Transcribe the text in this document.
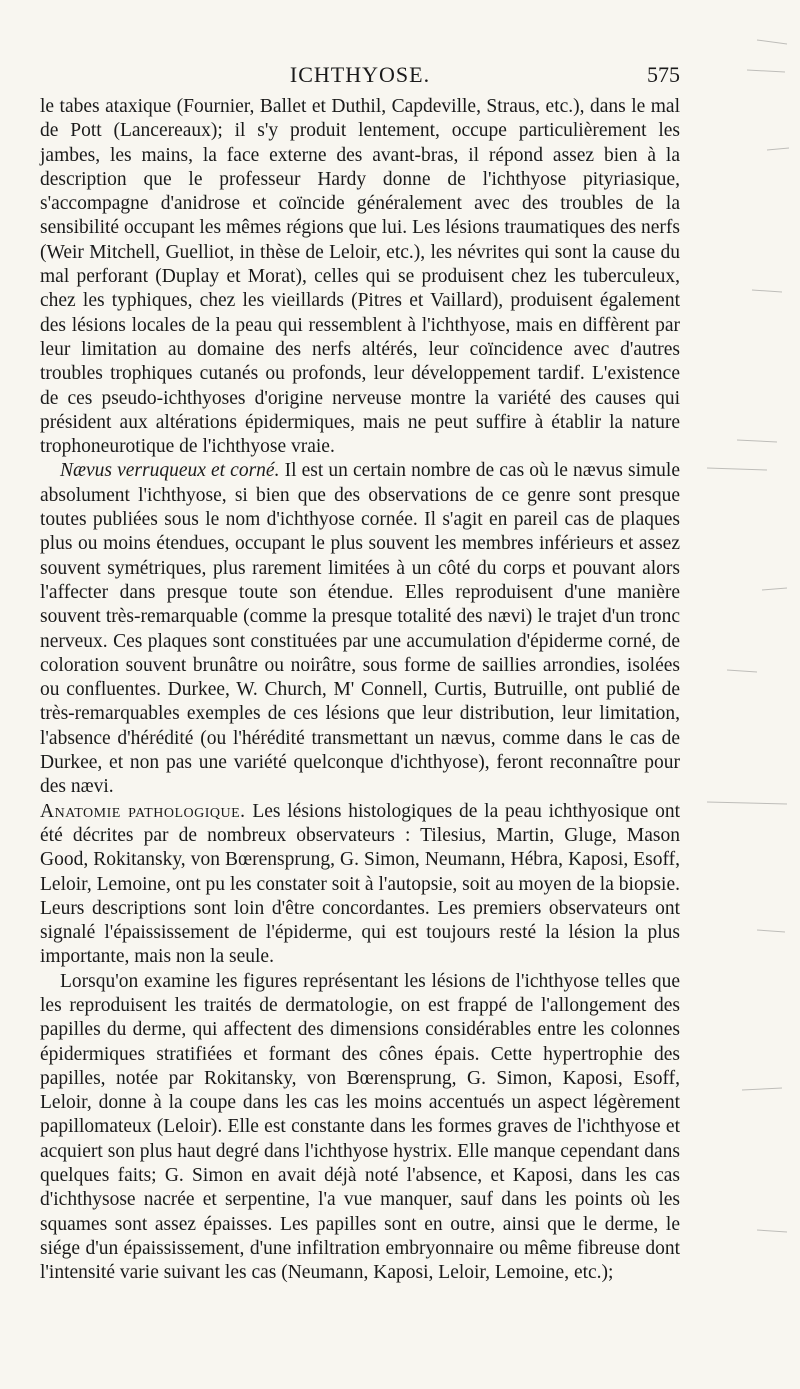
ICHTHYOSE.	575

le tabes ataxique (Fournier, Ballet et Duthil, Capdeville, Straus, etc.), dans le mal de Pott (Lancereaux); il s'y produit lentement, occupe particulièrement les jambes, les mains, la face externe des avant-bras, il répond assez bien à la description que le professeur Hardy donne de l'ichthyose pityriasique, s'accompagne d'anidrose et coïncide généralement avec des troubles de la sensibilité occupant les mêmes régions que lui. Les lésions traumatiques des nerfs (Weir Mitchell, Guelliot, in thèse de Leloir, etc.), les névrites qui sont la cause du mal perforant (Duplay et Morat), celles qui se produisent chez les tuberculeux, chez les typhiques, chez les vieillards (Pitres et Vaillard), produisent également des lésions locales de la peau qui ressemblent à l'ichthyose, mais en diffèrent par leur limitation au domaine des nerfs altérés, leur coïncidence avec d'autres troubles trophiques cutanés ou profonds, leur développement tardif. L'existence de ces pseudo-ichthyoses d'origine nerveuse montre la variété des causes qui président aux altérations épidermiques, mais ne peut suffire à établir la nature trophoneurotique de l'ichthyose vraie.

Nævus verruqueux et corné. Il est un certain nombre de cas où le nævus simule absolument l'ichthyose, si bien que des observations de ce genre sont presque toutes publiées sous le nom d'ichthyose cornée. Il s'agit en pareil cas de plaques plus ou moins étendues, occupant le plus souvent les membres inférieurs et assez souvent symétriques, plus rarement limitées à un côté du corps et pouvant alors l'affecter dans presque toute son étendue. Elles reproduisent d'une manière souvent très-remarquable (comme la presque totalité des nævi) le trajet d'un tronc nerveux. Ces plaques sont constituées par une accumulation d'épiderme corné, de coloration souvent brunâtre ou noirâtre, sous forme de saillies arrondies, isolées ou confluentes. Durkee, W. Church, M' Connell, Curtis, Butruille, ont publié de très-remarquables exemples de ces lésions que leur distribution, leur limitation, l'absence d'hérédité (ou l'hérédité transmettant un nævus, comme dans le cas de Durkee, et non pas une variété quelconque d'ichthyose), feront reconnaître pour des nævi.

Anatomie pathologique. Les lésions histologiques de la peau ichthyosique ont été décrites par de nombreux observateurs : Tilesius, Martin, Gluge, Mason Good, Rokitansky, von Bœrensprung, G. Simon, Neumann, Hébra, Kaposi, Esoff, Leloir, Lemoine, ont pu les constater soit à l'autopsie, soit au moyen de la biopsie. Leurs descriptions sont loin d'être concordantes. Les premiers observateurs ont signalé l'épaississement de l'épiderme, qui est toujours resté la lésion la plus importante, mais non la seule.

Lorsqu'on examine les figures représentant les lésions de l'ichthyose telles que les reproduisent les traités de dermatologie, on est frappé de l'allongement des papilles du derme, qui affectent des dimensions considérables entre les colonnes épidermiques stratifiées et formant des cônes épais. Cette hypertrophie des papilles, notée par Rokitansky, von Bœrensprung, G. Simon, Kaposi, Esoff, Leloir, donne à la coupe dans les cas les moins accentués un aspect légèrement papillomateux (Leloir). Elle est constante dans les formes graves de l'ichthyose et acquiert son plus haut degré dans l'ichthyose hystrix. Elle manque cependant dans quelques faits; G. Simon en avait déjà noté l'absence, et Kaposi, dans les cas d'ichthysose nacrée et serpentine, l'a vue manquer, sauf dans les points où les squames sont assez épaisses. Les papilles sont en outre, ainsi que le derme, le siége d'un épaississement, d'une infiltration embryonnaire ou même fibreuse dont l'intensité varie suivant les cas (Neumann, Kaposi, Leloir, Lemoine, etc.);
